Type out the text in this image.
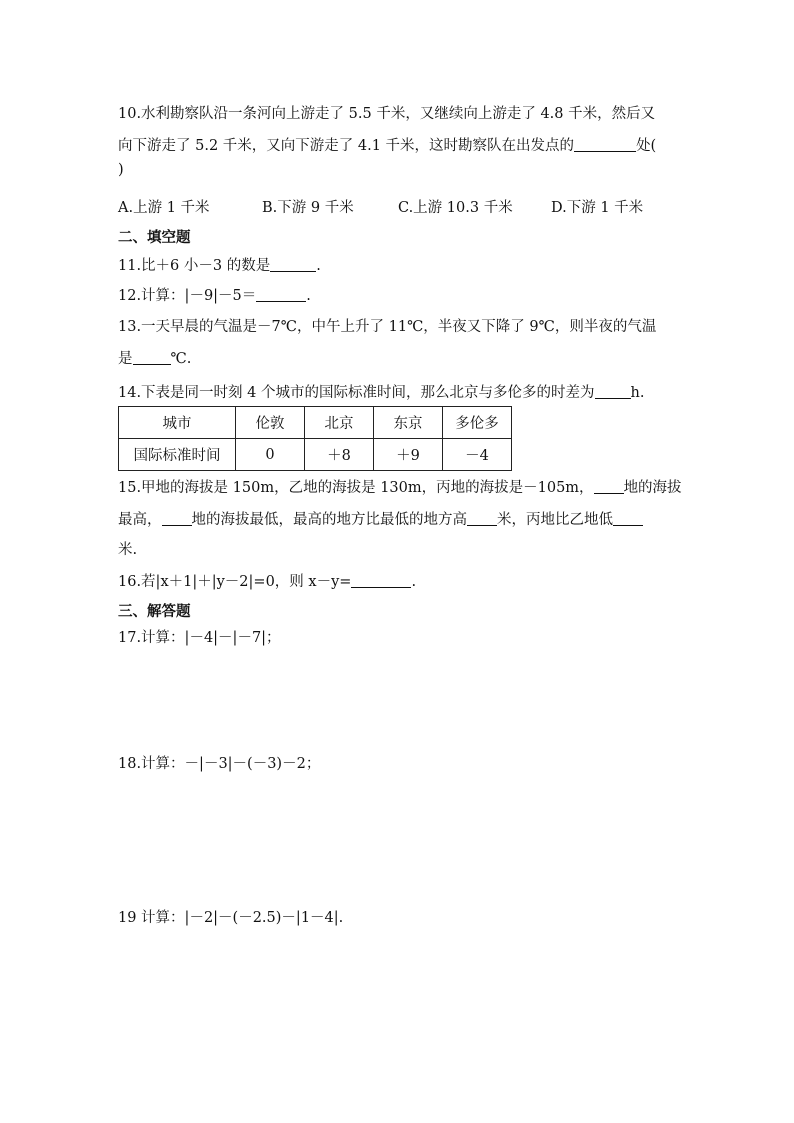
10.水利勘察队沿一条河向上游走了 5.5 千米，又继续向上游走了 4.8 千米，然后又
向下游走了 5.2 千米，又向下游走了 4.1 千米，这时勘察队在出发点的	处(
)
A.上游 1 千米	B.下游 9 千米	C.上游 10.3 千米	D.下游 1 千米
二、填空题
11.比＋6 小－3 的数是	.
12.计算：|－9|－5＝	.
13.一天早晨的气温是－7℃，中午上升了 11℃，半夜又下降了 9℃，则半夜的气温
是	℃.
14.下表是同一时刻 4 个城市的国际标准时间，那么北京与多伦多的时差为 h.
城市	伦敦	北京	东京	多伦多
国际标准时间	0	＋8	＋9	－4
15.甲地的海拔是 150m，乙地的海拔是 130m，丙地的海拔是－105m， 地的海拔
最高， 地的海拔最低，最高的地方比最低的地方高 米，丙地比乙地低
米.
16.若|x＋1|＋|y－2|=0，则 x－y=	.
三、解答题
17.计算：|－4|－|－7|；
18.计算：－|－3|－(－3)－2；
19 计算：|－2|－(－2.5)－|1－4|.
